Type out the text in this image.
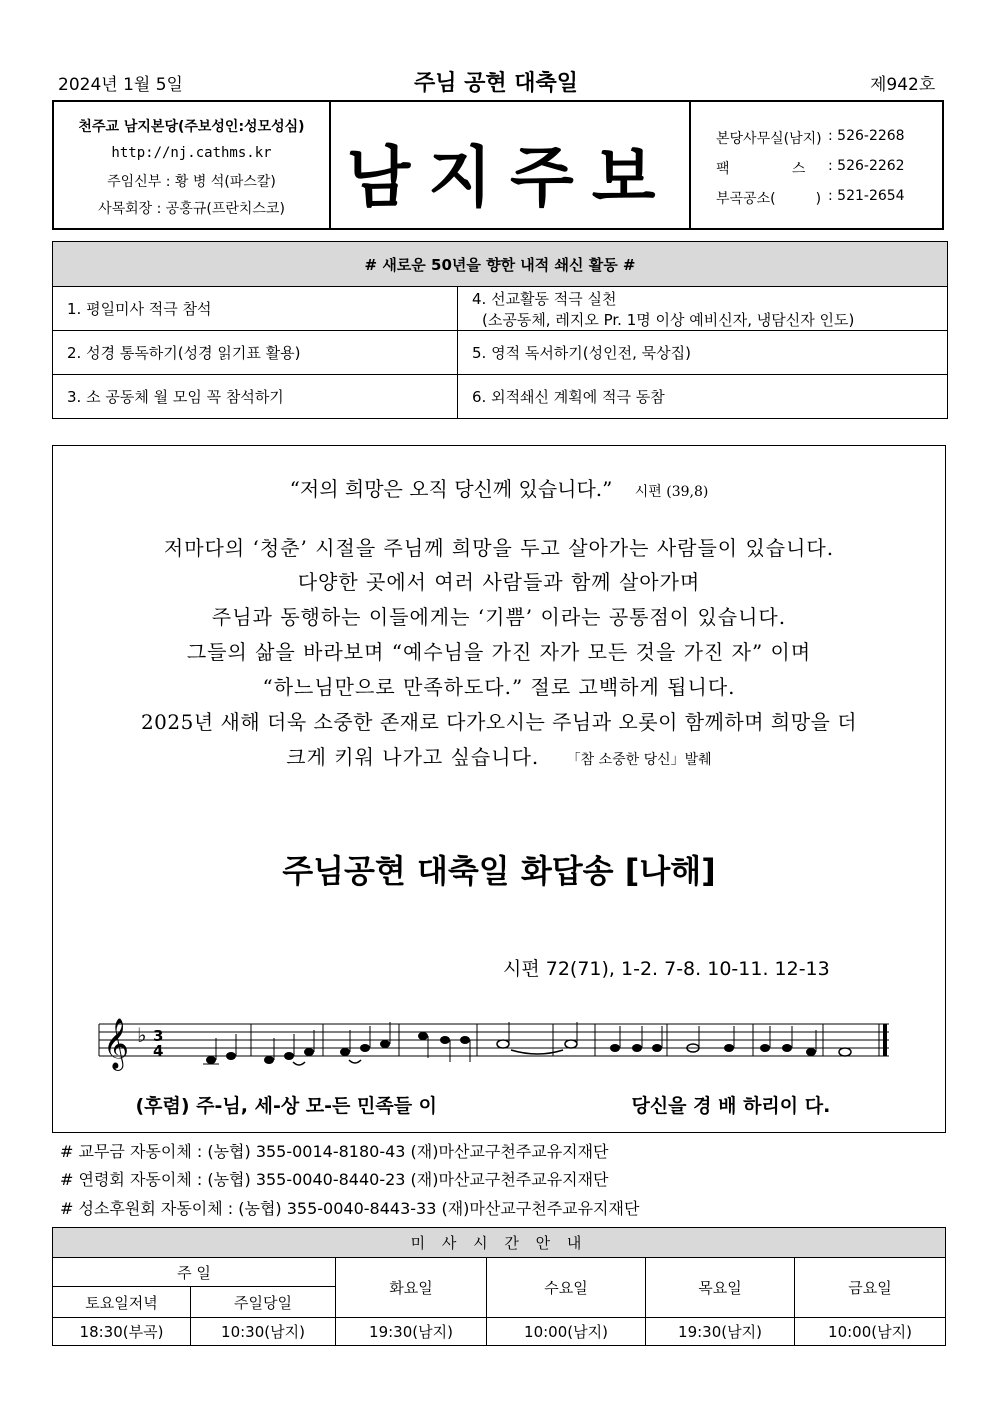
2024년 1월 5일	주님 공현 대축일	제942호
천주교 남지본당(주보성인:성모성심)
http://nj.cathms.kr
주임신부 : 황 병 석(파스칼)
사목회장 : 공홍규(프란치스코) 남지주보	본당사무실(남지) : 526-2268
팩              스 : 526-2262
부곡공소(         ) : 521-2654
# 새로운 50년을 향한 내적 쇄신 활동 #	
1. 평일미사 적극 참석	4. 선교활동 적극 실천
(소공동체, 레지오 Pr. 1명 이상 예비신자, 냉담신자 인도)

2. 성경 통독하기(성경 읽기표 활용)	5. 영적 독서하기(성인전, 묵상집)
3. 소 공동체 월 모임 꼭 참석하기	6. 외적쇄신 계획에 적극 동참
“저의 희망은 오직 당신께 있습니다.” 시편 (39,8)
저마다의 ‘청춘’ 시절을 주님께 희망을 두고 살아가는 사람들이 있습니다.
다양한 곳에서 여러 사람들과 함께 살아가며
주님과 동행하는 이들에게는 ‘기쁨’ 이라는 공통점이 있습니다.
그들의 삶을 바라보며 “예수님을 가진 자가 모든 것을 가진 자” 이며
“하느님만으로 만족하도다.” 절로 고백하게 됩니다.
2025년 새해 더욱 소중한 존재로 다가오시는 주님과 오롯이 함께하며 희망을 더
크게 키워 나가고 싶습니다. 「참 소중한 당신」발췌
주님공현 대축일 화답송 [나해]
시편 72(71), 1-2. 7-8. 10-11. 12-13
𝄞 ♭ 3
4

(후렴) 주-님, 세-상 모-든 민족들 이
	당신을 경 배 하리이 다.

# 교무금 자동이체 : (농협) 355-0014-8180-43 (재)마산교구천주교유지재단
# 연령회 자동이체 : (농협) 355-0040-8440-23 (재)마산교구천주교유지재단
# 성소후원회 자동이체 : (농협) 355-0040-8443-33 (재)마산교구천주교유지재단
미 사 시 간 안 내					
주 일		화요일	수요일	목요일	금요일
토요일저녁	주일당일				
18:30(부곡)	10:30(남지)	19:30(남지)	10:00(남지)	19:30(남지)	10:00(남지)
